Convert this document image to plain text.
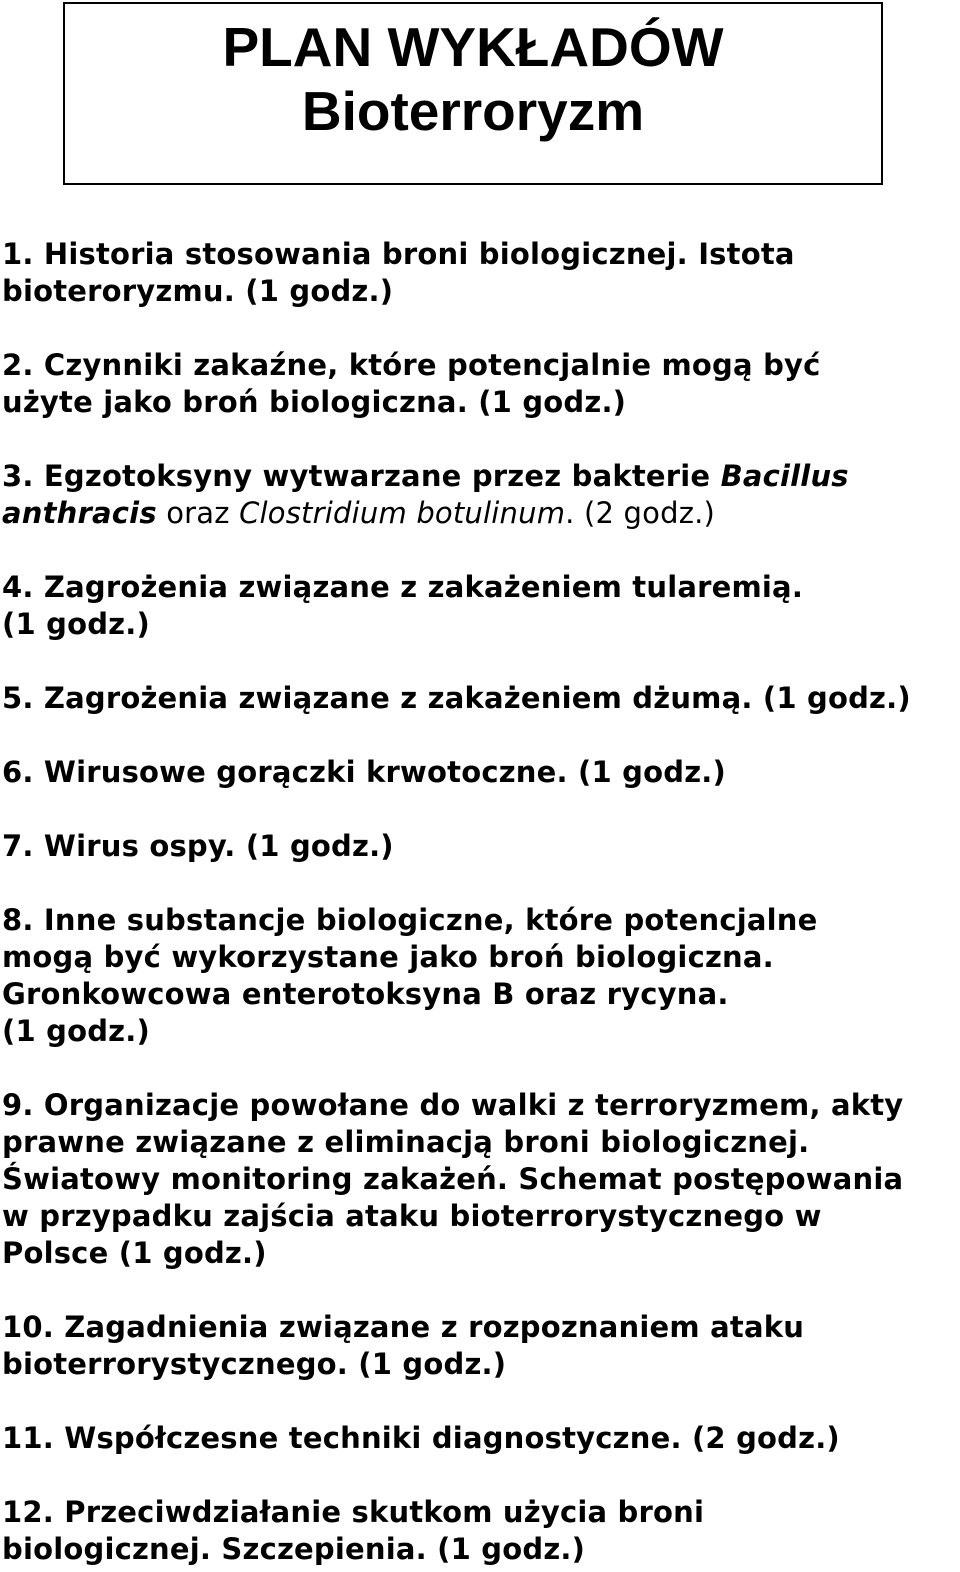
PLAN WYKŁADÓW
Bioterroryzm
1. Historia stosowania broni biologicznej. Istota
bioteroryzmu. (1 godz.)
2. Czynniki zakaźne, które potencjalnie mogą być
użyte jako broń biologiczna. (1 godz.)
3. Egzotoksyny wytwarzane przez bakterie Bacillus
anthracis oraz Clostridium botulinum. (2 godz.)
4. Zagrożenia związane z zakażeniem tularemią.
(1 godz.)
5. Zagrożenia związane z zakażeniem dżumą. (1 godz.)
6. Wirusowe gorączki krwotoczne. (1 godz.)
7. Wirus ospy. (1 godz.)
8. Inne substancje biologiczne, które potencjalne
mogą być wykorzystane jako broń biologiczna.
Gronkowcowa enterotoksyna B oraz rycyna.
(1 godz.)
9. Organizacje powołane do walki z terroryzmem, akty
prawne związane z eliminacją broni biologicznej.
Światowy monitoring zakażeń. Schemat postępowania
w przypadku zajścia ataku bioterrorystycznego w
Polsce (1 godz.)
10. Zagadnienia związane z rozpoznaniem ataku
bioterrorystycznego. (1 godz.)
11. Współczesne techniki diagnostyczne. (2 godz.)
12. Przeciwdziałanie skutkom użycia broni
biologicznej. Szczepienia. (1 godz.)
